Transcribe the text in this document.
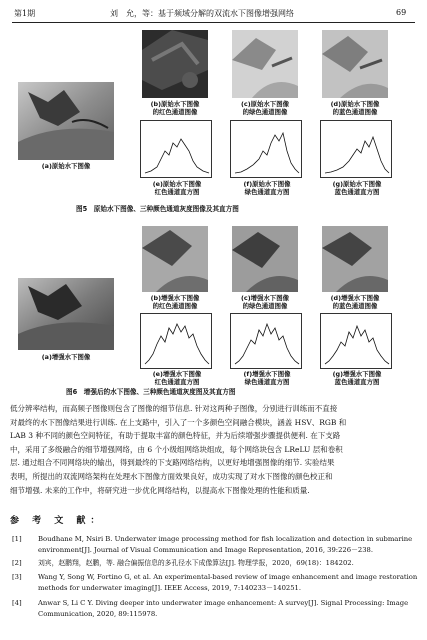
第1期	刘　允，等：基于频域分解的双流水下图像增强网络	69
(a)原始水下图像
(b)原始水下图像
的红色通道图像
(c)原始水下图像
的绿色通道图像
(d)原始水下图像
的蓝色通道图像
(e)原始水下图像
红色通道直方图
(f)原始水下图像
绿色通道直方图
(g)原始水下图像
蓝色通道直方图
图5　原始水下图像、三种颜色通道灰度图像及其直方图
(a)增强水下图像
(b)增强水下图像
的红色通道图像
(c)增强水下图像
的绿色通道图像
(d)增强水下图像
的蓝色通道图像
(e)增强水下图像
红色通道直方图
(f)增强水下图像
绿色通道直方图
(g)增强水下图像
蓝色通道直方图
图6　增强后的水下图像、三种颜色通道灰度图及其直方图

低分辨率结构，而高频子图像则包含了图像的细节信息. 针对这两种子图像，分别进行训练而不直接

对最终的水下图像结果进行训练. 在上支路中，引入了一个多颜色空间融合模块，涵盖 HSV、RGB 和

LAB 3 种不同的颜色空间特征，有助于提取丰富的颜色特征，并为后续增强步骤提供便利. 在下支路

中，采用了多级融合的细节增强网络，由 6 个小级组网络块组成，每个网络块包含 LReLU 层和卷积

层. 通过组合不同网络块的输出，得到最终的下支路网络结构，以更好地增强图像的细节. 实验结果

表明，所提出的双流网络架构在处理水下图像方面效果良好，成功实现了对水下图像的颜色校正和

细节增强. 未来的工作中，将研究进一步优化网络结构，以提高水下图像处理的性能和质量.

参 考 文 献：
[1] Boudhane M, Nsiri B. Underwater image processing method for fish localization and detection in submarine
environment[J]. Journal of Visual Communication and Image Representation, 2016, 39:226－238.
[2] 刘宾，赵鹏翔，赵鹏，等. 融合偏振信息的多孔径水下成像算法[J]. 物理学报，2020，69(18)：184202.
[3] Wang Y, Song W, Fortino G, et al. An experimental-based review of image enhancement and image restoration
methods for underwater imaging[J]. IEEE Access, 2019, 7:140233－140251.
[4] Anwar S, Li C Y. Diving deeper into underwater image enhancement: A survey[J]. Signal Processing: Image
Communication, 2020, 89:115978.
